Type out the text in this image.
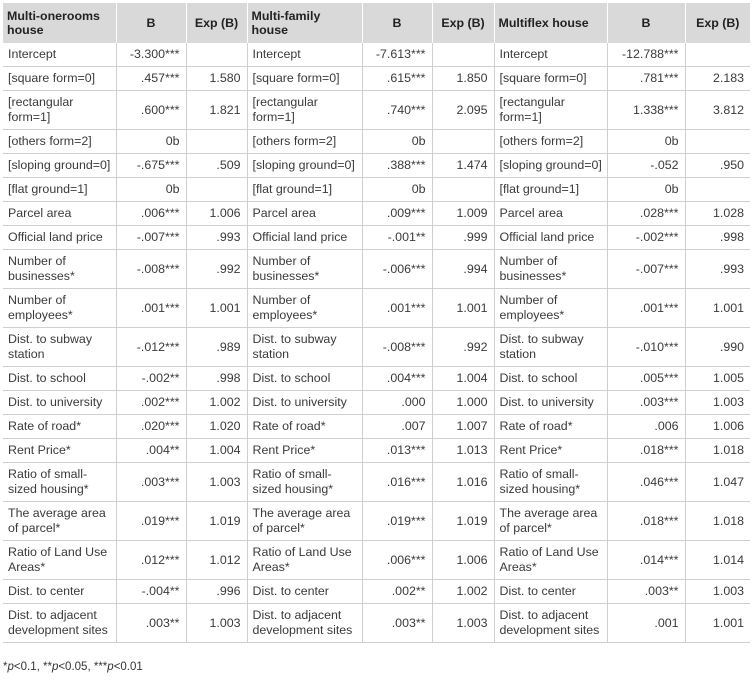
Multi-onerooms house	B	Exp (B)	Multi-family house	B	Exp (B)	Multiflex house	B	Exp (B)
Intercept	-3.300***		Intercept	-7.613***		Intercept	-12.788***	
[square form=0]	.457***	1.580	[square form=0]	.615***	1.850	[square form=0]	.781***	2.183
[rectangular form=1]	.600***	1.821	[rectangular form=1]	.740***	2.095	[rectangular form=1]	1.338***	3.812
[others form=2]	0b		[others form=2]	0b		[others form=2]	0b	
[sloping ground=0]	-.675***	.509	[sloping ground=0]	.388***	1.474	[sloping ground=0]	-.052	.950
[flat ground=1]	0b		[flat ground=1]	0b		[flat ground=1]	0b	
Parcel area	.006***	1.006	Parcel area	.009***	1.009	Parcel area	.028***	1.028
Official land price	-.007***	.993	Official land price	-.001**	.999	Official land price	-.002***	.998
Number of businesses*	-.008***	.992	Number of businesses*	-.006***	.994	Number of businesses*	-.007***	.993
Number of employees*	.001***	1.001	Number of employees*	.001***	1.001	Number of employees*	.001***	1.001
Dist. to subway station	-.012***	.989	Dist. to subway station	-.008***	.992	Dist. to subway station	-.010***	.990
Dist. to school	-.002**	.998	Dist. to school	.004***	1.004	Dist. to school	.005***	1.005
Dist. to university	.002***	1.002	Dist. to university	.000	1.000	Dist. to university	.003***	1.003
Rate of road*	.020***	1.020	Rate of road*	.007	1.007	Rate of road*	.006	1.006
Rent Price*	.004**	1.004	Rent Price*	.013***	1.013	Rent Price*	.018***	1.018
Ratio of small-sized housing*	.003***	1.003	Ratio of small-sized housing*	.016***	1.016	Ratio of small-sized housing*	.046***	1.047
The average area of parcel*	.019***	1.019	The average area of parcel*	.019***	1.019	The average area of parcel*	.018***	1.018
Ratio of Land Use Areas*	.012***	1.012	Ratio of Land Use Areas*	.006***	1.006	Ratio of Land Use Areas*	.014***	1.014
Dist. to center	-.004**	.996	Dist. to center	.002**	1.002	Dist. to center	.003**	1.003
Dist. to adjacent development sites	.003**	1.003	Dist. to adjacent development sites	.003**	1.003	Dist. to adjacent development sites	.001	1.001
*p<0.1, **p<0.05, ***p<0.01
